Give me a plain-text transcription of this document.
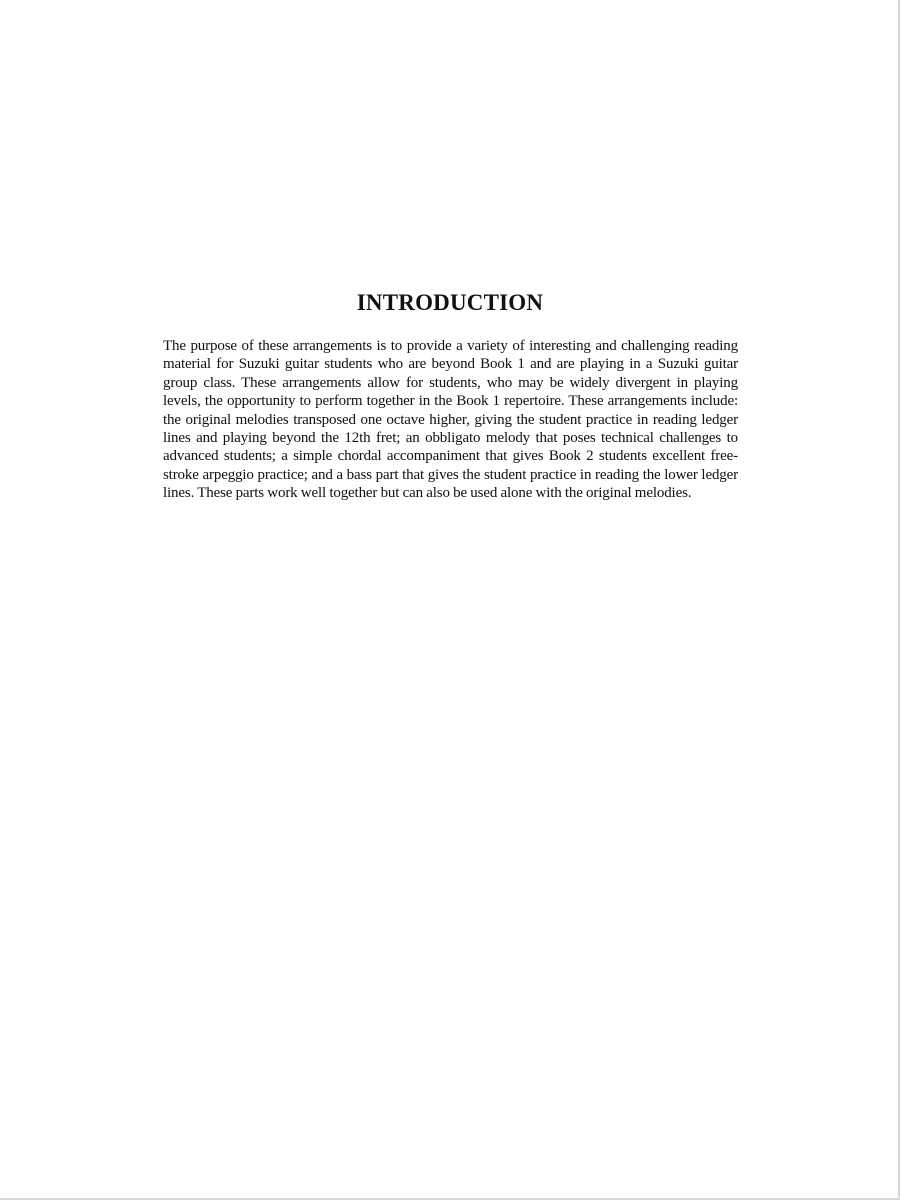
INTRODUCTION

The purpose of these arrangements is to provide a variety of interesting and challenging reading material for Suzuki guitar students who are beyond Book 1 and are playing in a Suzuki guitar group class. These arrangements allow for students, who may be widely divergent in playing levels, the opportunity to perform together in the Book 1 repertoire. These arrangements include: the original melodies transposed one octave higher, giving the student practice in reading ledger lines and playing beyond the 12th fret; an obbligato melody that poses technical challenges to advanced students; a simple chordal accompaniment that gives Book 2 students excellent free-stroke arpeggio practice; and a bass part that gives the student practice in reading the lower ledger lines. These parts work well together but can also be used alone with the original melodies.
